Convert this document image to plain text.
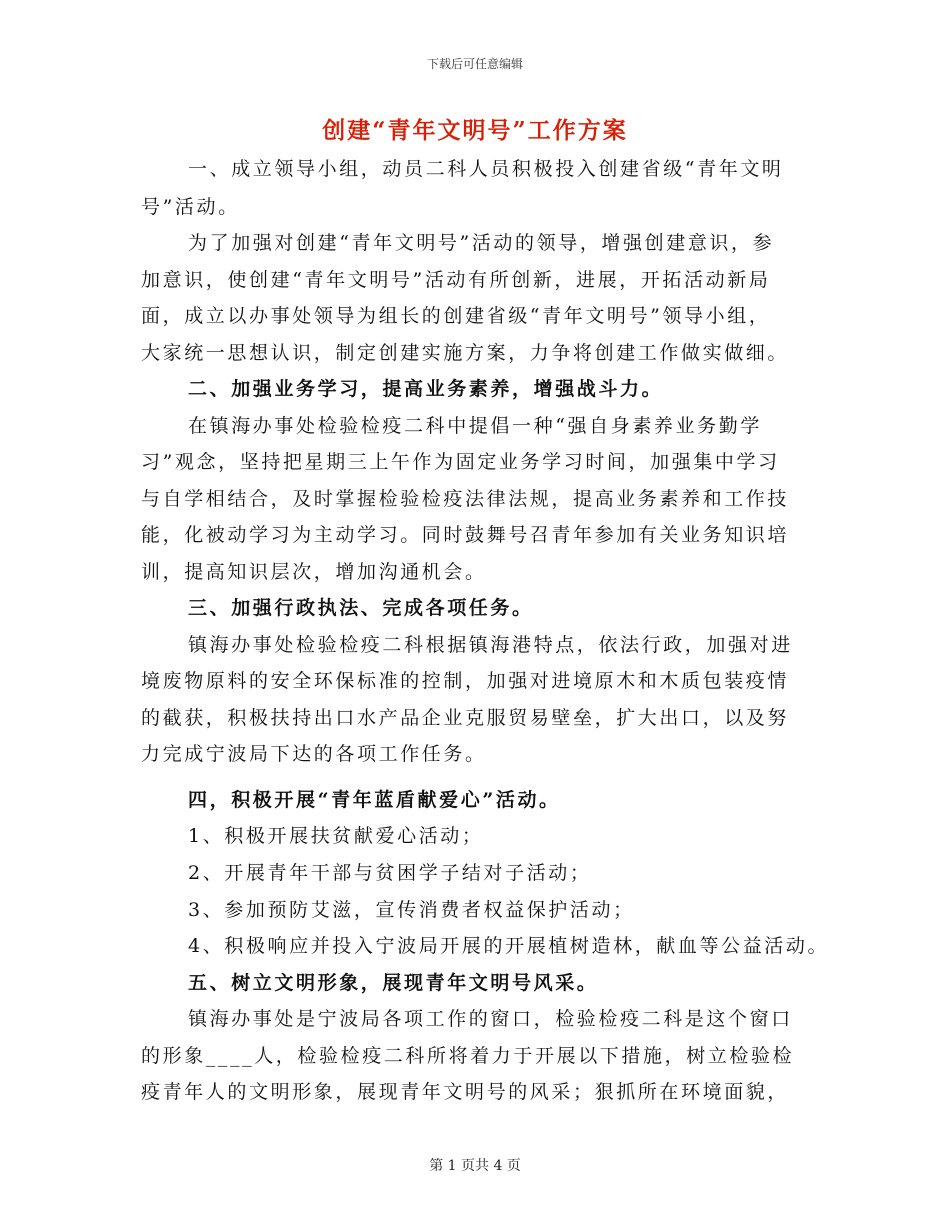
下载后可任意编辑
创建“青年文明号”工作方案
一、成立领导小组，动员二科人员积极投入创建省级“青年文明
号”活动。
为了加强对创建“青年文明号”活动的领导，增强创建意识，参
加意识，使创建“青年文明号”活动有所创新，进展，开拓活动新局
面，成立以办事处领导为组长的创建省级“青年文明号”领导小组，
大家统一思想认识，制定创建实施方案，力争将创建工作做实做细。
二、加强业务学习，提高业务素养，增强战斗力。
在镇海办事处检验检疫二科中提倡一种“强自身素养业务勤学
习”观念，坚持把星期三上午作为固定业务学习时间，加强集中学习
与自学相结合，及时掌握检验检疫法律法规，提高业务素养和工作技
能，化被动学习为主动学习。同时鼓舞号召青年参加有关业务知识培
训，提高知识层次，增加沟通机会。
三、加强行政执法、完成各项任务。
镇海办事处检验检疫二科根据镇海港特点，依法行政，加强对进
境废物原料的安全环保标准的控制，加强对进境原木和木质包装疫情
的截获，积极扶持出口水产品企业克服贸易壁垒，扩大出口，以及努
力完成宁波局下达的各项工作任务。
四，积极开展“青年蓝盾献爱心”活动。
1、积极开展扶贫献爱心活动；
2、开展青年干部与贫困学子结对子活动；
3、参加预防艾滋，宣传消费者权益保护活动；
4、积极响应并投入宁波局开展的开展植树造林，献血等公益活动。
五、树立文明形象，展现青年文明号风采。
镇海办事处是宁波局各项工作的窗口，检验检疫二科是这个窗口
的形象____人，检验检疫二科所将着力于开展以下措施，树立检验检
疫青年人的文明形象，展现青年文明号的风采；狠抓所在环境面貌，
第 1 页共 4 页
